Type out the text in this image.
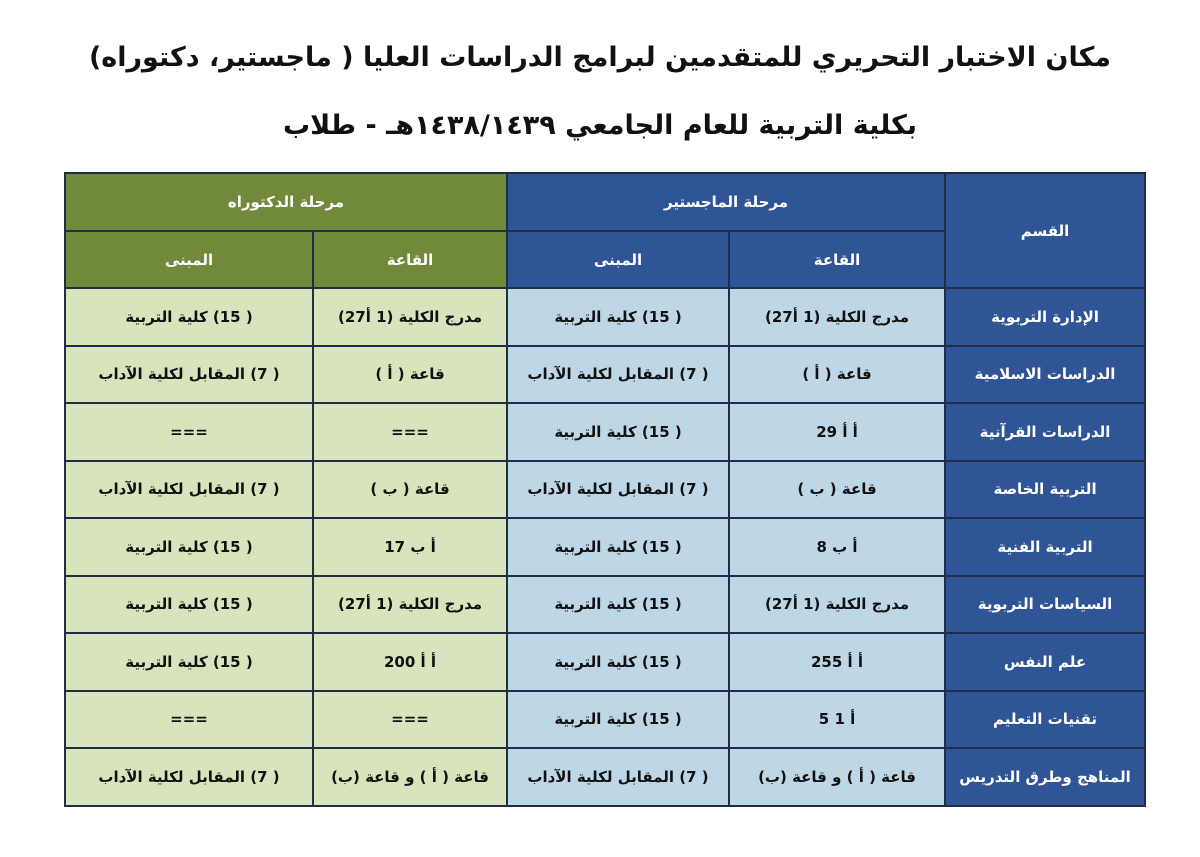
مكان الاختبار التحريري للمتقدمين لبرامج الدراسات العليا ( ماجستير، دكتوراه)
بكلية التربية للعام الجامعي ١٤٣٨/١٤٣٩هـ - طلاب
القسم	مرحلة الماجستير		مرحلة الدكتوراه	
	القاعة	المبنى	القاعة	المبنى
الإدارة التربوية	مدرج الكلية (1 أ27)	( 15) كلية التربية	مدرج الكلية (1 أ27)	( 15) كلية التربية
الدراسات الاسلامية	قاعة ( أ )	( 7) المقابل لكلية الآداب	قاعة ( أ )	( 7) المقابل لكلية الآداب
الدراسات القرآنية	أ أ 29	( 15) كلية التربية	===	===
التربية الخاصة	قاعة ( ب )	( 7) المقابل لكلية الآداب	قاعة ( ب )	( 7) المقابل لكلية الآداب
التربية الفنية	أ ب 8	( 15) كلية التربية	أ ب 17	( 15) كلية التربية
السياسات التربوية	مدرج الكلية (1 أ27)	( 15) كلية التربية	مدرج الكلية (1 أ27)	( 15) كلية التربية
علم النفس	أ أ 255	( 15) كلية التربية	أ أ 200	( 15) كلية التربية
تقنيات التعليم	أ 1 5	( 15) كلية التربية	===	===
المناهج وطرق التدريس	قاعة ( أ ) و قاعة (ب)	( 7) المقابل لكلية الآداب	قاعة ( أ ) و قاعة (ب)	( 7) المقابل لكلية الآداب
